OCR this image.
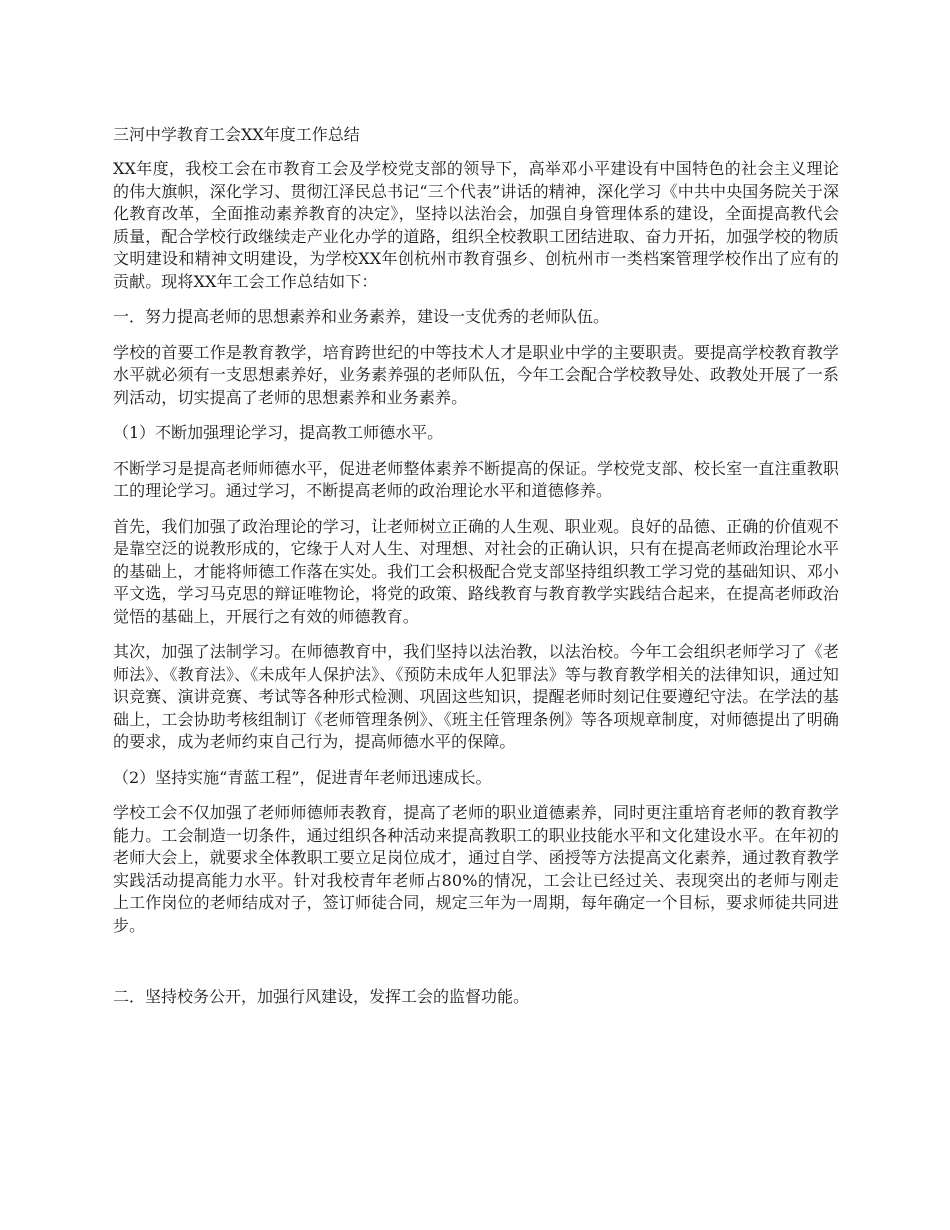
三河中学教育工会XX年度工作总结

XX年度，我校工会在市教育工会及学校党支部的领导下，高举邓小平建设有中国特色的社会主义理论的伟大旗帜，深化学习、贯彻江泽民总书记“三个代表”讲话的精神，深化学习《中共中央国务院关于深化教育改革，全面推动素养教育的决定》，坚持以法治会，加强自身管理体系的建设，全面提高教代会质量，配合学校行政继续走产业化办学的道路，组织全校教职工团结进取、奋力开拓，加强学校的物质文明建设和精神文明建设，为学校XX年创杭州市教育强乡、创杭州市一类档案管理学校作出了应有的贡献。现将XX年工会工作总结如下：

一．努力提高老师的思想素养和业务素养，建设一支优秀的老师队伍。

学校的首要工作是教育教学，培育跨世纪的中等技术人才是职业中学的主要职责。要提高学校教育教学水平就必须有一支思想素养好，业务素养强的老师队伍，今年工会配合学校教导处、政教处开展了一系列活动，切实提高了老师的思想素养和业务素养。

（1）不断加强理论学习，提高教工师德水平。

不断学习是提高老师师德水平，促进老师整体素养不断提高的保证。学校党支部、校长室一直注重教职工的理论学习。通过学习，不断提高老师的政治理论水平和道德修养。

首先，我们加强了政治理论的学习，让老师树立正确的人生观、职业观。良好的品德、正确的价值观不是靠空泛的说教形成的，它缘于人对人生、对理想、对社会的正确认识，只有在提高老师政治理论水平的基础上，才能将师德工作落在实处。我们工会积极配合党支部坚持组织教工学习党的基础知识、邓小平文选，学习马克思的辩证唯物论，将党的政策、路线教育与教育教学实践结合起来，在提高老师政治觉悟的基础上，开展行之有效的师德教育。

其次，加强了法制学习。在师德教育中，我们坚持以法治教，以法治校。今年工会组织老师学习了《老师法》、《教育法》、《未成年人保护法》、《预防未成年人犯罪法》等与教育教学相关的法律知识，通过知识竞赛、演讲竞赛、考试等各种形式检测、巩固这些知识，提醒老师时刻记住要遵纪守法。在学法的基础上，工会协助考核组制订《老师管理条例》、《班主任管理条例》等各项规章制度，对师德提出了明确的要求，成为老师约束自己行为，提高师德水平的保障。

（2）坚持实施“青蓝工程”，促进青年老师迅速成长。

学校工会不仅加强了老师师德师表教育，提高了老师的职业道德素养，同时更注重培育老师的教育教学能力。工会制造一切条件，通过组织各种活动来提高教职工的职业技能水平和文化建设水平。在年初的老师大会上，就要求全体教职工要立足岗位成才，通过自学、函授等方法提高文化素养，通过教育教学实践活动提高能力水平。针对我校青年老师占80%的情况，工会让已经过关、表现突出的老师与刚走上工作岗位的老师结成对子，签订师徒合同，规定三年为一周期，每年确定一个目标，要求师徒共同进步。

二．坚持校务公开，加强行风建设，发挥工会的监督功能。
